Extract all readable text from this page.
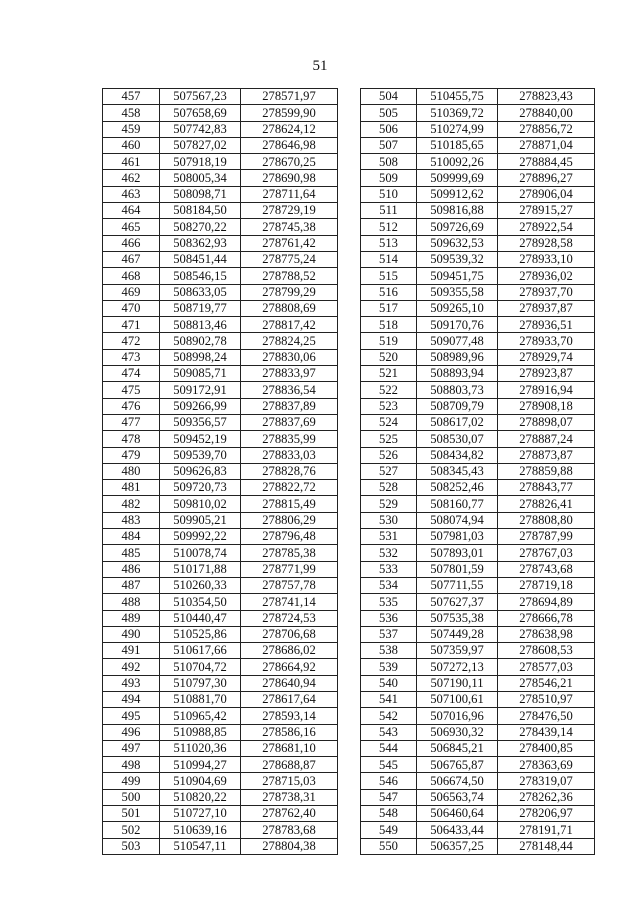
51
457	507567,23	278571,97
458	507658,69	278599,90
459	507742,83	278624,12
460	507827,02	278646,98
461	507918,19	278670,25
462	508005,34	278690,98
463	508098,71	278711,64
464	508184,50	278729,19
465	508270,22	278745,38
466	508362,93	278761,42
467	508451,44	278775,24
468	508546,15	278788,52
469	508633,05	278799,29
470	508719,77	278808,69
471	508813,46	278817,42
472	508902,78	278824,25
473	508998,24	278830,06
474	509085,71	278833,97
475	509172,91	278836,54
476	509266,99	278837,89
477	509356,57	278837,69
478	509452,19	278835,99
479	509539,70	278833,03
480	509626,83	278828,76
481	509720,73	278822,72
482	509810,02	278815,49
483	509905,21	278806,29
484	509992,22	278796,48
485	510078,74	278785,38
486	510171,88	278771,99
487	510260,33	278757,78
488	510354,50	278741,14
489	510440,47	278724,53
490	510525,86	278706,68
491	510617,66	278686,02
492	510704,72	278664,92
493	510797,30	278640,94
494	510881,70	278617,64
495	510965,42	278593,14
496	510988,85	278586,16
497	511020,36	278681,10
498	510994,27	278688,87
499	510904,69	278715,03
500	510820,22	278738,31
501	510727,10	278762,40
502	510639,16	278783,68
503	510547,11	278804,38
504	510455,75	278823,43
505	510369,72	278840,00
506	510274,99	278856,72
507	510185,65	278871,04
508	510092,26	278884,45
509	509999,69	278896,27
510	509912,62	278906,04
511	509816,88	278915,27
512	509726,69	278922,54
513	509632,53	278928,58
514	509539,32	278933,10
515	509451,75	278936,02
516	509355,58	278937,70
517	509265,10	278937,87
518	509170,76	278936,51
519	509077,48	278933,70
520	508989,96	278929,74
521	508893,94	278923,87
522	508803,73	278916,94
523	508709,79	278908,18
524	508617,02	278898,07
525	508530,07	278887,24
526	508434,82	278873,87
527	508345,43	278859,88
528	508252,46	278843,77
529	508160,77	278826,41
530	508074,94	278808,80
531	507981,03	278787,99
532	507893,01	278767,03
533	507801,59	278743,68
534	507711,55	278719,18
535	507627,37	278694,89
536	507535,38	278666,78
537	507449,28	278638,98
538	507359,97	278608,53
539	507272,13	278577,03
540	507190,11	278546,21
541	507100,61	278510,97
542	507016,96	278476,50
543	506930,32	278439,14
544	506845,21	278400,85
545	506765,87	278363,69
546	506674,50	278319,07
547	506563,74	278262,36
548	506460,64	278206,97
549	506433,44	278191,71
550	506357,25	278148,44
